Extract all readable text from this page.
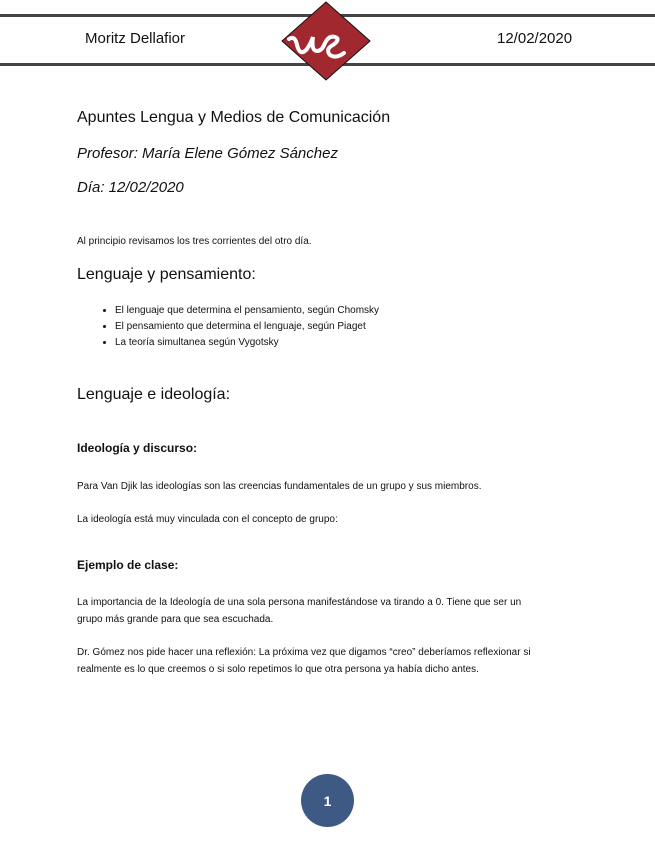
Moritz Dellafior	12/02/2020
Apuntes Lengua y Medios de Comunicación
Profesor: María Elene Gómez Sánchez
Día: 12/02/2020
Al principio revisamos los tres corrientes del otro día.
Lenguaje y pensamiento:
• El lenguaje que determina el pensamiento, según Chomsky
• El pensamiento que determina el lenguaje, según Piaget
• La teoría simultanea según Vygotsky
Lenguaje e ideología:
Ideología y discurso:
Para Van Djik las ideologías son las creencias fundamentales de un grupo y sus miembros.
La ideología está muy vinculada con el concepto de grupo:
Ejemplo de clase:
La importancia de la Ideología de una sola persona manifestándose va tirando a 0. Tiene que ser un
grupo más grande para que sea escuchada.
Dr. Gómez nos pide hacer una reflexión: La próxima vez que digamos “creo” deberíamos reflexionar si
realmente es lo que creemos o si solo repetimos lo que otra persona ya había dicho antes.
1
